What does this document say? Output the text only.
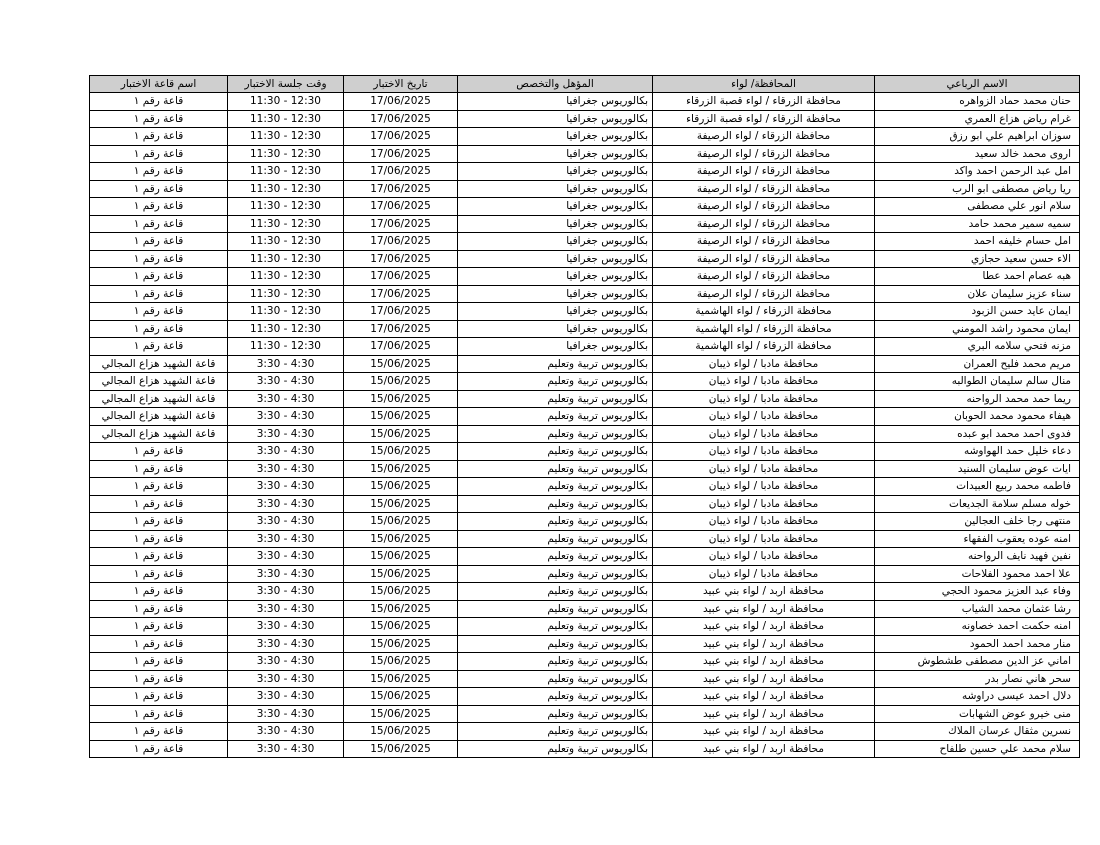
الاسم الرباعي	المحافظة/ لواء	المؤهل والتخصص	تاريخ الاختبار	وقت جلسة الاختبار	اسم قاعة الاختبار
حنان محمد حماد الزواهره	محافظة الزرقاء / لواء قصبة الزرقاء	بكالوريوس جغرافيا	17/06/2025	11:30 - 12:30	قاعة رقم ١
غرام رياض هزاع العمري	محافظة الزرقاء / لواء قصبة الزرقاء	بكالوريوس جغرافيا	17/06/2025	11:30 - 12:30	قاعة رقم ١
سوزان ابراهيم علي ابو رزق	محافظة الزرقاء / لواء الرصيفة	بكالوريوس جغرافيا	17/06/2025	11:30 - 12:30	قاعة رقم ١
اروى محمد خالد سعيد	محافظة الزرقاء / لواء الرصيفة	بكالوريوس جغرافيا	17/06/2025	11:30 - 12:30	قاعة رقم ١
امل عبد الرحمن احمد واكد	محافظة الزرقاء / لواء الرصيفة	بكالوريوس جغرافيا	17/06/2025	11:30 - 12:30	قاعة رقم ١
ريا رياض مصطفى ابو الرب	محافظة الزرقاء / لواء الرصيفة	بكالوريوس جغرافيا	17/06/2025	11:30 - 12:30	قاعة رقم ١
سلام انور علي مصطفى	محافظة الزرقاء / لواء الرصيفة	بكالوريوس جغرافيا	17/06/2025	11:30 - 12:30	قاعة رقم ١
سميه سمير محمد حامد	محافظة الزرقاء / لواء الرصيفة	بكالوريوس جغرافيا	17/06/2025	11:30 - 12:30	قاعة رقم ١
امل حسام خليفه احمد	محافظة الزرقاء / لواء الرصيفة	بكالوريوس جغرافيا	17/06/2025	11:30 - 12:30	قاعة رقم ١
الاء حسن سعيد حجازي	محافظة الزرقاء / لواء الرصيفة	بكالوريوس جغرافيا	17/06/2025	11:30 - 12:30	قاعة رقم ١
هبه عصام احمد عطا	محافظة الزرقاء / لواء الرصيفة	بكالوريوس جغرافيا	17/06/2025	11:30 - 12:30	قاعة رقم ١
سناء عزيز سليمان علان	محافظة الزرقاء / لواء الرصيفة	بكالوريوس جغرافيا	17/06/2025	11:30 - 12:30	قاعة رقم ١
ايمان عايد حسن الزبود	محافظة الزرقاء / لواء الهاشمية	بكالوريوس جغرافيا	17/06/2025	11:30 - 12:30	قاعة رقم ١
ايمان محمود راشد المومني	محافظة الزرقاء / لواء الهاشمية	بكالوريوس جغرافيا	17/06/2025	11:30 - 12:30	قاعة رقم ١
مزنه فتحي سلامه البري	محافظة الزرقاء / لواء الهاشمية	بكالوريوس جغرافيا	17/06/2025	11:30 - 12:30	قاعة رقم ١
مريم محمد فليح العمران	محافظة مادبا / لواء ذيبان	بكالوريوس تربية وتعليم	15/06/2025	3:30 - 4:30	قاعة الشهيد هزاع المجالي
منال سالم سليمان الطوالبه	محافظة مادبا / لواء ذيبان	بكالوريوس تربية وتعليم	15/06/2025	3:30 - 4:30	قاعة الشهيد هزاع المجالي
ريما حمد محمد الرواحنه	محافظة مادبا / لواء ذيبان	بكالوريوس تربية وتعليم	15/06/2025	3:30 - 4:30	قاعة الشهيد هزاع المجالي
هيفاء محمود محمد الحوبان	محافظة مادبا / لواء ذيبان	بكالوريوس تربية وتعليم	15/06/2025	3:30 - 4:30	قاعة الشهيد هزاع المجالي
فدوى احمد محمد ابو عبده	محافظة مادبا / لواء ذيبان	بكالوريوس تربية وتعليم	15/06/2025	3:30 - 4:30	قاعة الشهيد هزاع المجالي
دعاء خليل حمد الهواوشه	محافظة مادبا / لواء ذيبان	بكالوريوس تربية وتعليم	15/06/2025	3:30 - 4:30	قاعة رقم ١
ايات عوض سليمان السنيد	محافظة مادبا / لواء ذيبان	بكالوريوس تربية وتعليم	15/06/2025	3:30 - 4:30	قاعة رقم ١
فاطمه محمد ربيع العبيدات	محافظة مادبا / لواء ذيبان	بكالوريوس تربية وتعليم	15/06/2025	3:30 - 4:30	قاعة رقم ١
خوله مسلم سلامة الجديعات	محافظة مادبا / لواء ذيبان	بكالوريوس تربية وتعليم	15/06/2025	3:30 - 4:30	قاعة رقم ١
منتهى رجا خلف العجالين	محافظة مادبا / لواء ذيبان	بكالوريوس تربية وتعليم	15/06/2025	3:30 - 4:30	قاعة رقم ١
امنه عوده يعقوب الفقهاء	محافظة مادبا / لواء ذيبان	بكالوريوس تربية وتعليم	15/06/2025	3:30 - 4:30	قاعة رقم ١
نفين فهيد نايف الرواحنه	محافظة مادبا / لواء ذيبان	بكالوريوس تربية وتعليم	15/06/2025	3:30 - 4:30	قاعة رقم ١
علا احمد محمود الفلاحات	محافظة مادبا / لواء ذيبان	بكالوريوس تربية وتعليم	15/06/2025	3:30 - 4:30	قاعة رقم ١
وفاء عبد العزيز محمود الحجي	محافظة اربد / لواء بني عبيد	بكالوريوس تربية وتعليم	15/06/2025	3:30 - 4:30	قاعة رقم ١
رشا عثمان محمد الشياب	محافظة اربد / لواء بني عبيد	بكالوريوس تربية وتعليم	15/06/2025	3:30 - 4:30	قاعة رقم ١
امنه حكمت احمد خصاونه	محافظة اربد / لواء بني عبيد	بكالوريوس تربية وتعليم	15/06/2025	3:30 - 4:30	قاعة رقم ١
منار محمد احمد الحمود	محافظة اربد / لواء بني عبيد	بكالوريوس تربية وتعليم	15/06/2025	3:30 - 4:30	قاعة رقم ١
اماني عز الدين مصطفى طشطوش	محافظة اربد / لواء بني عبيد	بكالوريوس تربية وتعليم	15/06/2025	3:30 - 4:30	قاعة رقم ١
سحر هاني نصار بدر	محافظة اربد / لواء بني عبيد	بكالوريوس تربية وتعليم	15/06/2025	3:30 - 4:30	قاعة رقم ١
دلال احمد عيسى دراوشه	محافظة اربد / لواء بني عبيد	بكالوريوس تربية وتعليم	15/06/2025	3:30 - 4:30	قاعة رقم ١
منى خيرو عوض الشهابات	محافظة اربد / لواء بني عبيد	بكالوريوس تربية وتعليم	15/06/2025	3:30 - 4:30	قاعة رقم ١
نسرين مثقال عرسان الملاك	محافظة اربد / لواء بني عبيد	بكالوريوس تربية وتعليم	15/06/2025	3:30 - 4:30	قاعة رقم ١
سلام محمد علي حسين طلفاح	محافظة اربد / لواء بني عبيد	بكالوريوس تربية وتعليم	15/06/2025	3:30 - 4:30	قاعة رقم ١
